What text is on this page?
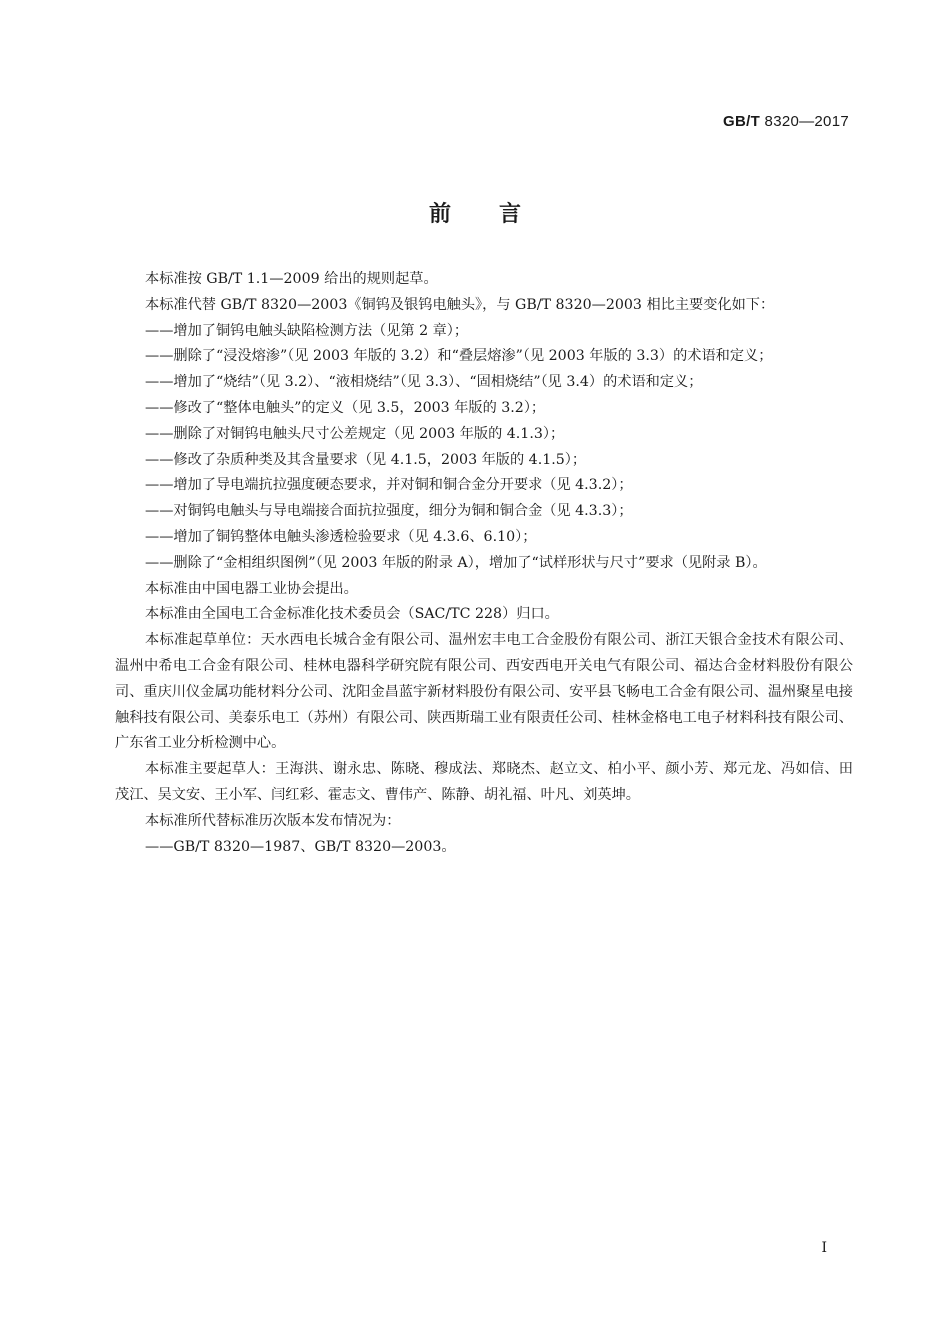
GB/T 8320—2017
前言

本标准按 GB/T 1.1—2009 给出的规则起草。

本标准代替 GB/T 8320—2003《铜钨及银钨电触头》，与 GB/T 8320—2003 相比主要变化如下：

——增加了铜钨电触头缺陷检测方法（见第 2 章）；

——删除了“浸没熔渗”（见 2003 年版的 3.2）和“叠层熔渗”（见 2003 年版的 3.3）的术语和定义；

——增加了“烧结”（见 3.2）、“液相烧结”（见 3.3）、“固相烧结”（见 3.4）的术语和定义；

——修改了“整体电触头”的定义（见 3.5，2003 年版的 3.2）；

——删除了对铜钨电触头尺寸公差规定（见 2003 年版的 4.1.3）；

——修改了杂质种类及其含量要求（见 4.1.5，2003 年版的 4.1.5）；

——增加了导电端抗拉强度硬态要求，并对铜和铜合金分开要求（见 4.3.2）；

——对铜钨电触头与导电端接合面抗拉强度，细分为铜和铜合金（见 4.3.3）；

——增加了铜钨整体电触头渗透检验要求（见 4.3.6、6.10）；

——删除了“金相组织图例”（见 2003 年版的附录 A），增加了“试样形状与尺寸”要求（见附录 B）。

本标准由中国电器工业协会提出。

本标准由全国电工合金标准化技术委员会（SAC/TC 228）归口。

本标准起草单位：天水西电长城合金有限公司、温州宏丰电工合金股份有限公司、浙江天银合金技术有限公司、温州中希电工合金有限公司、桂林电器科学研究院有限公司、西安西电开关电气有限公司、福达合金材料股份有限公司、重庆川仪金属功能材料分公司、沈阳金昌蓝宇新材料股份有限公司、安平县飞畅电工合金有限公司、温州聚星电接触科技有限公司、美泰乐电工（苏州）有限公司、陕西斯瑞工业有限责任公司、桂林金格电工电子材料科技有限公司、广东省工业分析检测中心。

本标准主要起草人：王海洪、谢永忠、陈晓、穆成法、郑晓杰、赵立文、柏小平、颜小芳、郑元龙、冯如信、田茂江、吴文安、王小军、闫红彩、霍志文、曹伟产、陈静、胡礼福、叶凡、刘英坤。

本标准所代替标准历次版本发布情况为：

——GB/T 8320—1987、GB/T 8320—2003。

I
